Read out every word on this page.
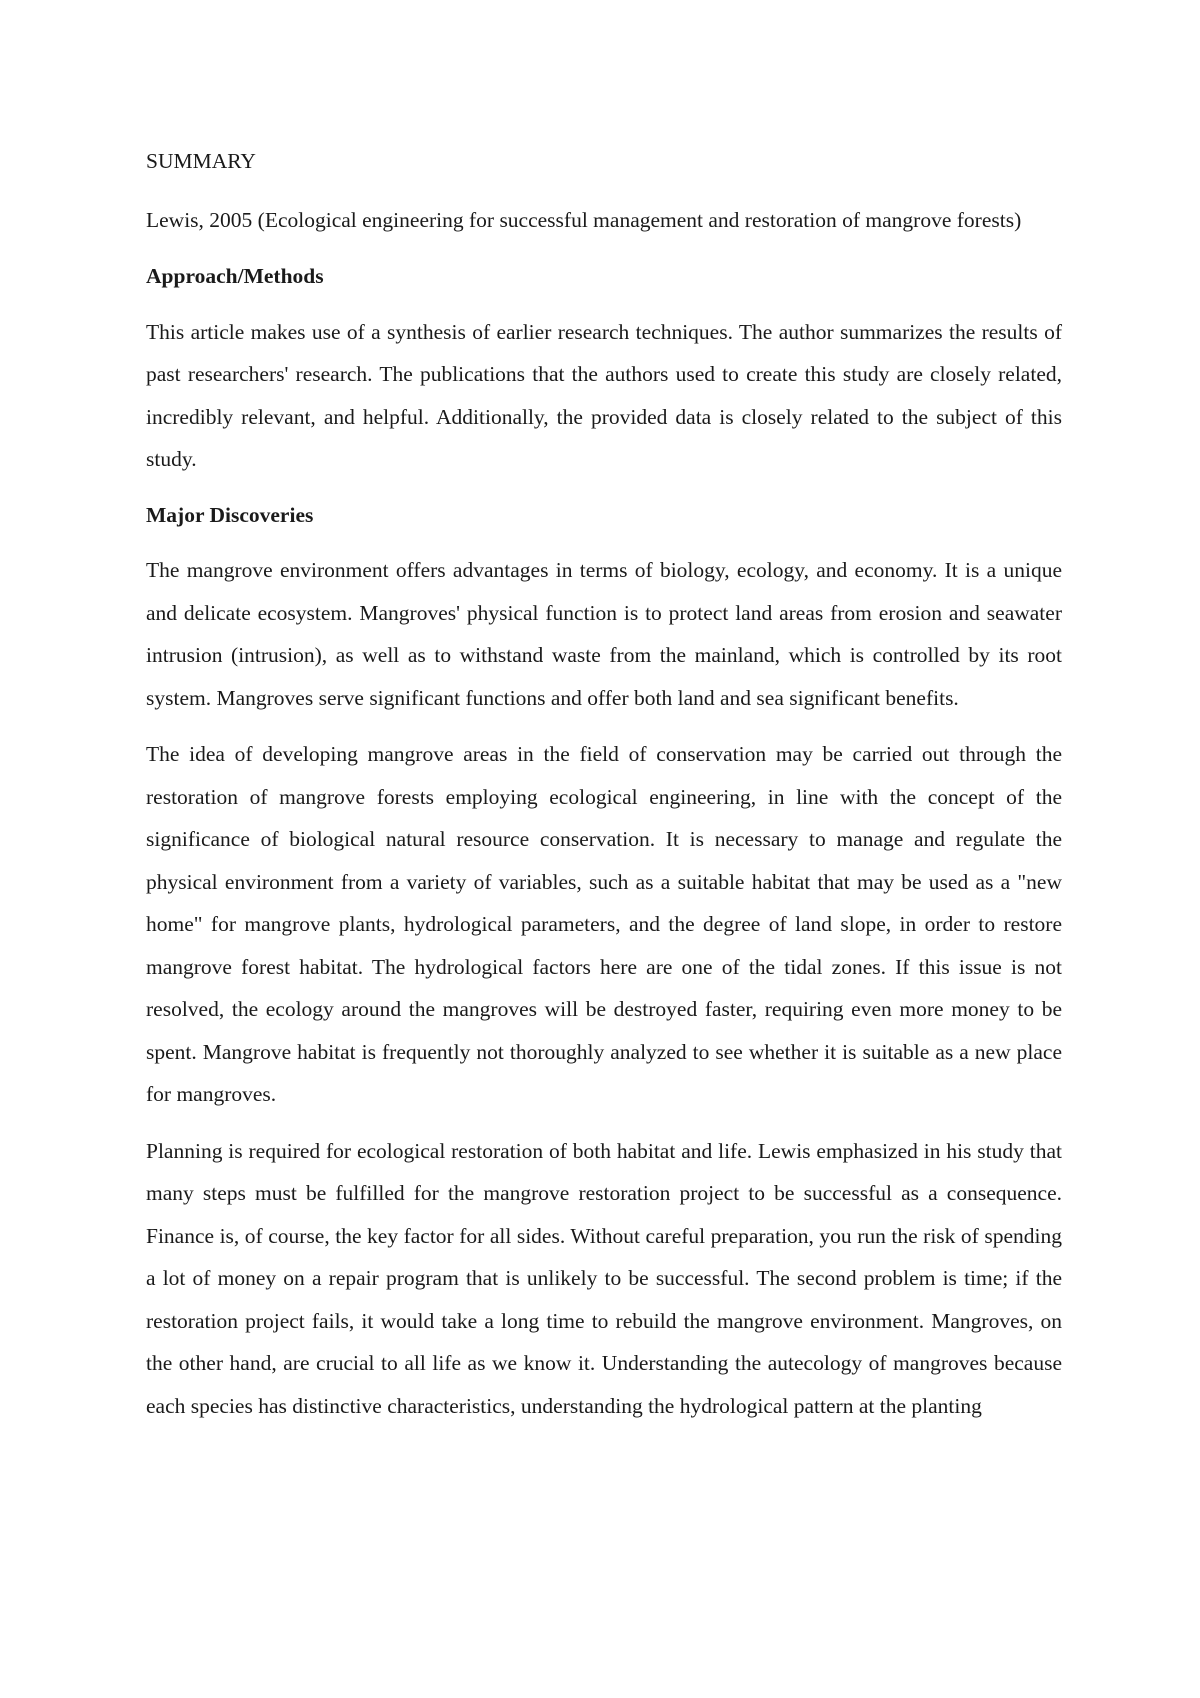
SUMMARY

Lewis, 2005 (Ecological engineering for successful management and restoration of mangrove forests)

Approach/Methods

This article makes use of a synthesis of earlier research techniques. The author summarizes the results of past researchers' research. The publications that the authors used to create this study are closely related, incredibly relevant, and helpful. Additionally, the provided data is closely related to the subject of this study.

Major Discoveries

The mangrove environment offers advantages in terms of biology, ecology, and economy. It is a unique and delicate ecosystem. Mangroves' physical function is to protect land areas from erosion and seawater intrusion (intrusion), as well as to withstand waste from the mainland, which is controlled by its root system. Mangroves serve significant functions and offer both land and sea significant benefits.

The idea of developing mangrove areas in the field of conservation may be carried out through the restoration of mangrove forests employing ecological engineering, in line with the concept of the significance of biological natural resource conservation. It is necessary to manage and regulate the physical environment from a variety of variables, such as a suitable habitat that may be used as a "new home" for mangrove plants, hydrological parameters, and the degree of land slope, in order to restore mangrove forest habitat. The hydrological factors here are one of the tidal zones. If this issue is not resolved, the ecology around the mangroves will be destroyed faster, requiring even more money to be spent. Mangrove habitat is frequently not thoroughly analyzed to see whether it is suitable as a new place for mangroves.

Planning is required for ecological restoration of both habitat and life. Lewis emphasized in his study that many steps must be fulfilled for the mangrove restoration project to be successful as a consequence. Finance is, of course, the key factor for all sides. Without careful preparation, you run the risk of spending a lot of money on a repair program that is unlikely to be successful. The second problem is time; if the restoration project fails, it would take a long time to rebuild the mangrove environment. Mangroves, on the other hand, are crucial to all life as we know it. Understanding the autecology of mangroves because each species has distinctive characteristics, understanding the hydrological pattern at the planting
